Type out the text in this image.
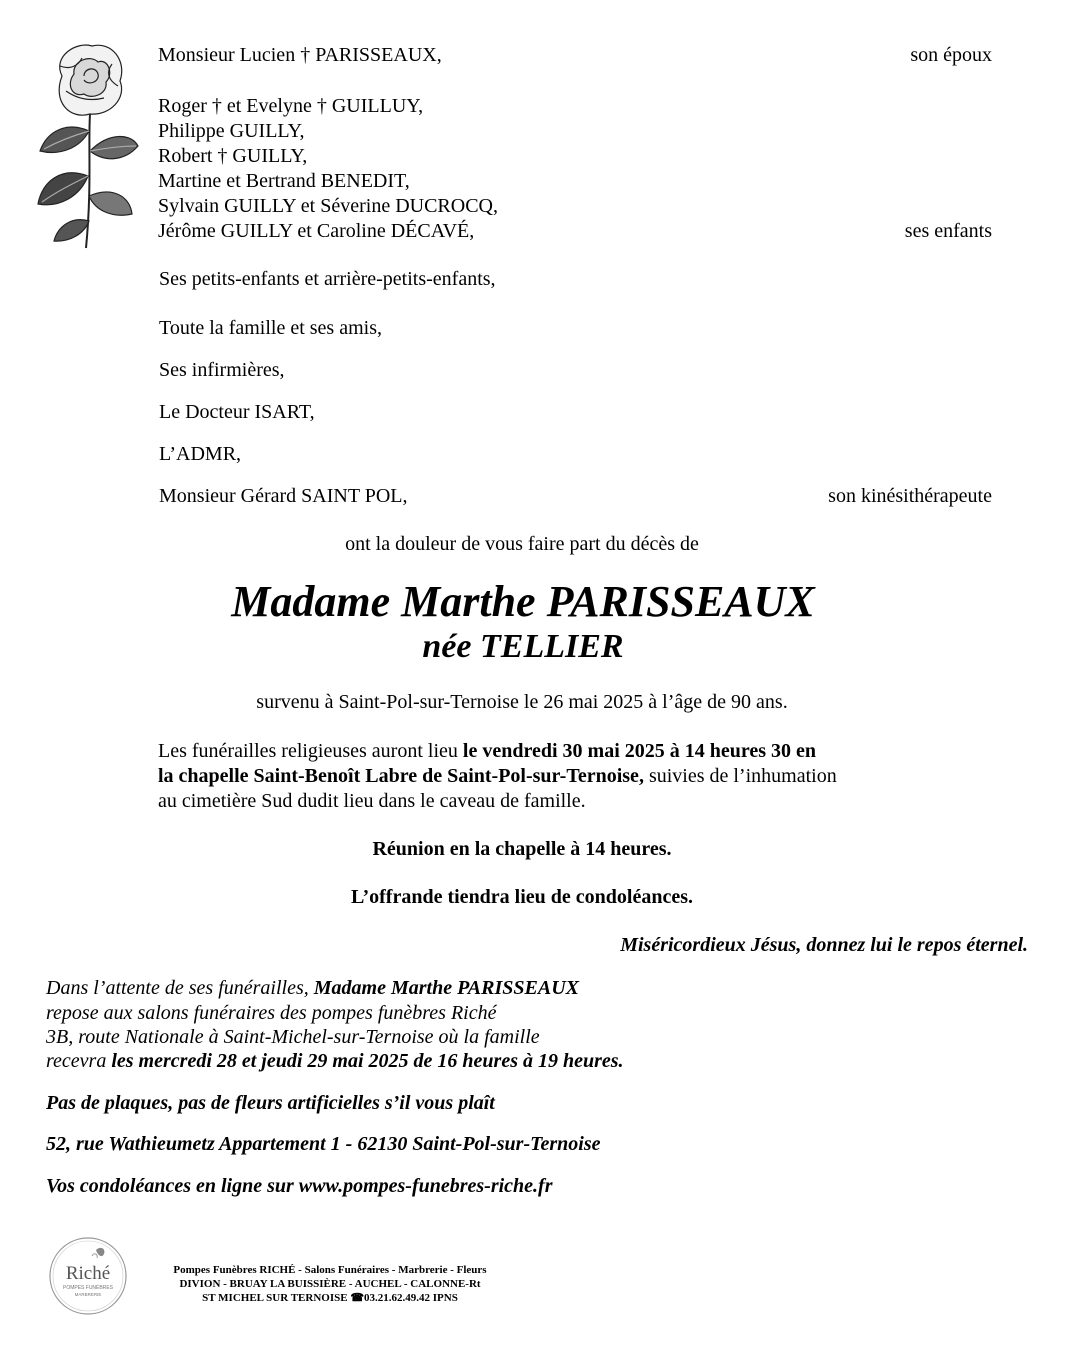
Monsieur Lucien † PARISSEAUX,	son époux
Roger † et Evelyne † GUILLUY,
Philippe GUILLY,
Robert † GUILLY,
Martine et Bertrand BENEDIT,
Sylvain GUILLY et Séverine DUCROCQ,
Jérôme GUILLY et Caroline DÉCAVÉ,	ses enfants
Ses petits-enfants et arrière-petits-enfants,
Toute la famille et ses amis,
Ses infirmières,
Le Docteur ISART,
L’ADMR,
Monsieur Gérard SAINT POL,	son kinésithérapeute
ont la douleur de vous faire part du décès de
Madame Marthe PARISSEAUX
née TELLIER
survenu à Saint-Pol-sur-Ternoise le 26 mai 2025 à l’âge de 90 ans.
Les funérailles religieuses auront lieu le vendredi 30 mai 2025 à 14 heures 30 en
la chapelle Saint-Benoît Labre de Saint-Pol-sur-Ternoise, suivies de l’inhumation
au cimetière Sud dudit lieu dans le caveau de famille.
Réunion en la chapelle à 14 heures.
L’offrande tiendra lieu de condoléances.
Miséricordieux Jésus, donnez lui le repos éternel.
Dans l’attente de ses funérailles, Madame Marthe PARISSEAUX
repose aux salons funéraires des pompes funèbres Riché
3B, route Nationale à Saint-Michel-sur-Ternoise où la famille
recevra les mercredi 28 et jeudi 29 mai 2025 de 16 heures à 19 heures.
Pas de plaques, pas de fleurs artificielles s’il vous plaît
52, rue Wathieumetz Appartement 1 - 62130 Saint-Pol-sur-Ternoise
Vos condoléances en ligne sur www.pompes-funebres-riche.fr
Riché
POMPES FUNÈBRES
MARBRERIE
Pompes Funèbres RICHÉ - Salons Funéraires - Marbrerie - Fleurs
DIVION - BRUAY LA BUISSIÈRE - AUCHEL - CALONNE-Rt
ST MICHEL SUR TERNOISE ☎03.21.62.49.42 IPNS
